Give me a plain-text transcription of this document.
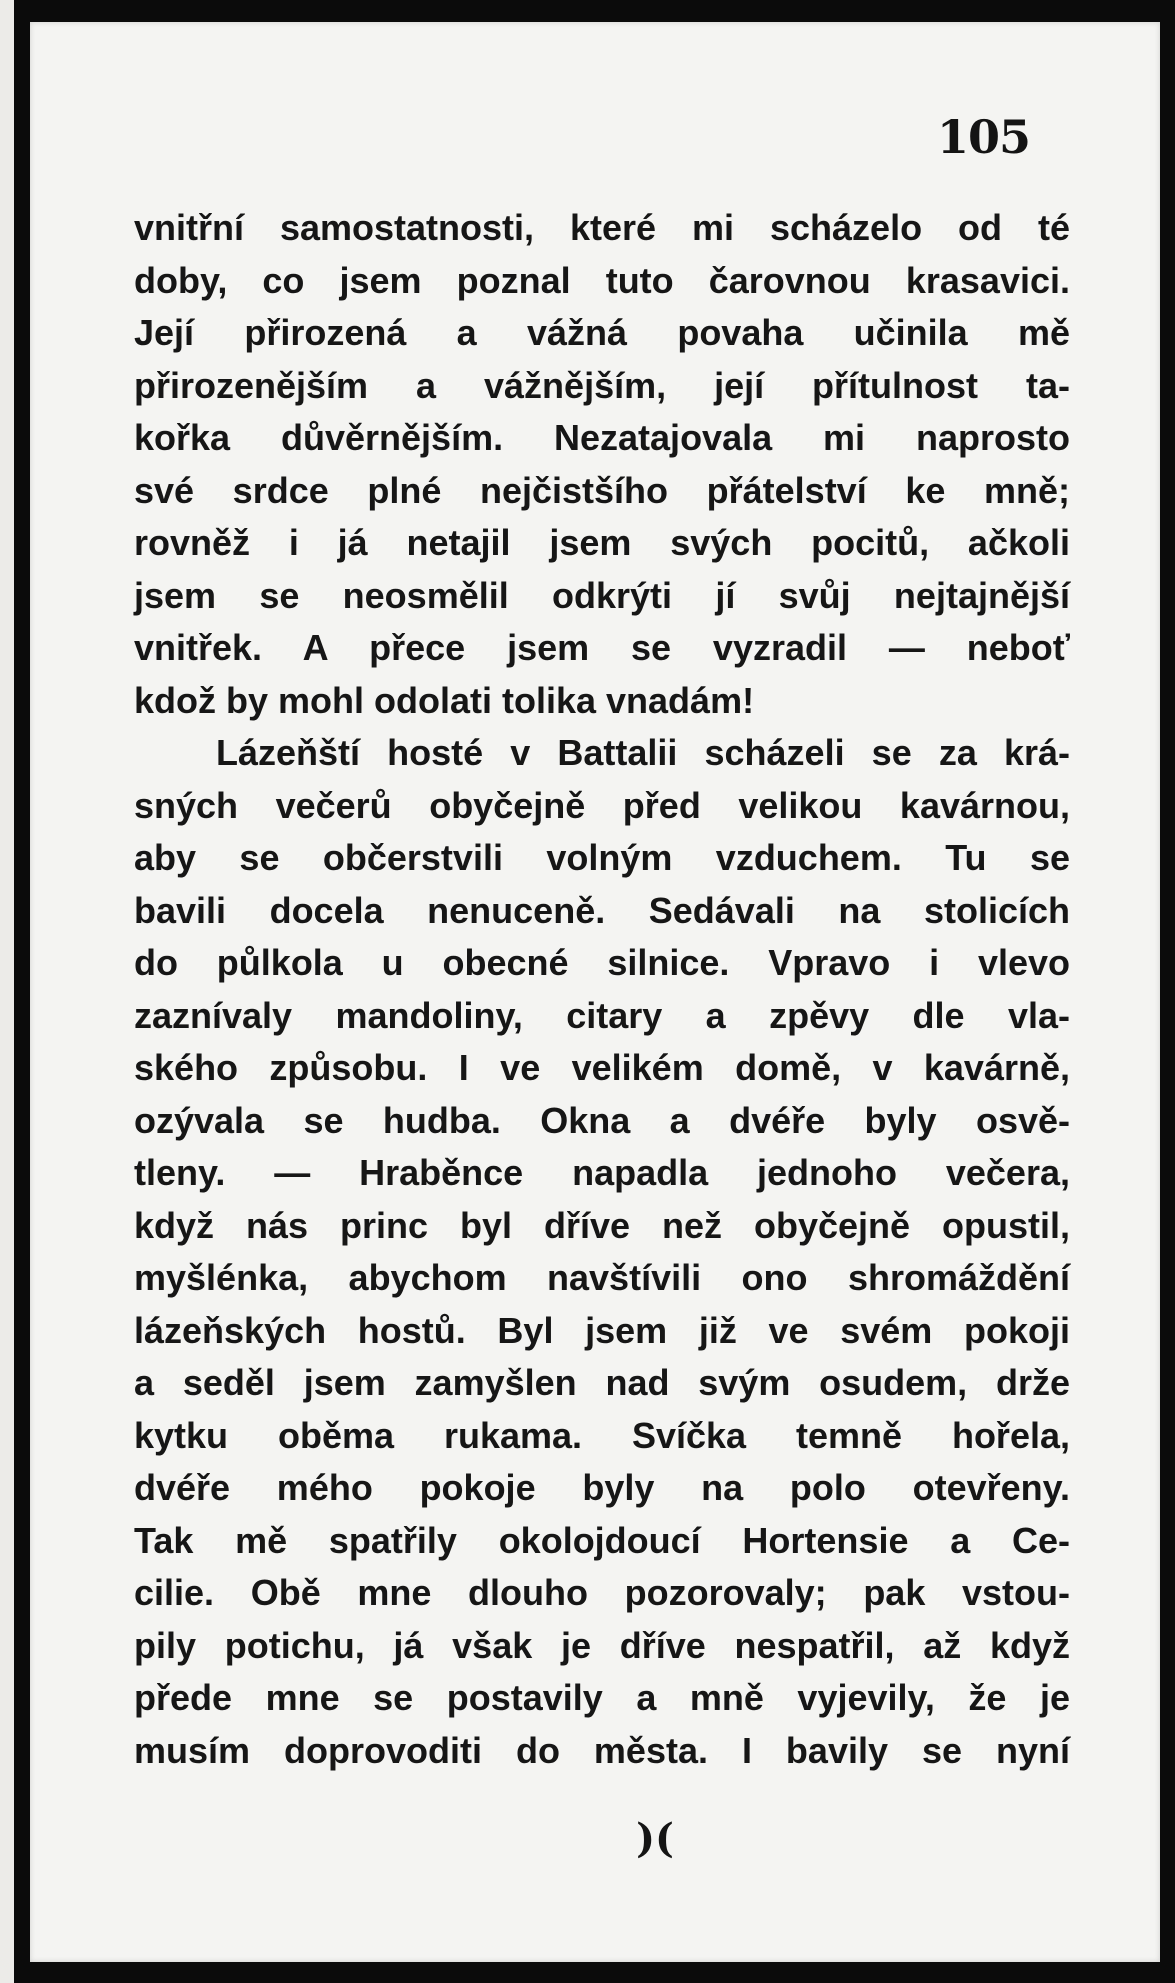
105
vnitřní samostatnosti, které mi scházelo od té
doby, co jsem poznal tuto čarovnou krasavici.
Její přirozená a vážná povaha učinila mě
přirozenějším a vážnějším, její přítulnost ta-
kořka důvěrnějším. Nezatajovala mi naprosto
své srdce plné nejčistšího přátelství ke mně;
rovněž i já netajil jsem svých pocitů, ačkoli
jsem se neosmělil odkrýti jí svůj nejtajnější
vnitřek. A přece jsem se vyzradil — neboť
kdož by mohl odolati tolika vnadám!
Lázeňští hosté v Battalii scházeli se za krá-
sných večerů obyčejně před velikou kavárnou,
aby se občerstvili volným vzduchem. Tu se
bavili docela nenuceně. Sedávali na stolicích
do půlkola u obecné silnice. Vpravo i vlevo
zaznívaly mandoliny, citary a zpěvy dle vla-
ského způsobu. I ve velikém domě, v kavárně,
ozývala se hudba. Okna a dvéře byly osvě-
tleny. — Hraběnce napadla jednoho večera,
když nás princ byl dříve než obyčejně opustil,
myšlénka, abychom navštívili ono shromáždění
lázeňských hostů. Byl jsem již ve svém pokoji
a seděl jsem zamyšlen nad svým osudem, drže
kytku oběma rukama. Svíčka temně hořela,
dvéře mého pokoje byly na polo otevřeny.
Tak mě spatřily okolojdoucí Hortensie a Ce-
cilie. Obě mne dlouho pozorovaly; pak vstou-
pily potichu, já však je dříve nespatřil, až když
přede mne se postavily a mně vyjevily, že je
musím doprovoditi do města. I bavily se nyní
)(
